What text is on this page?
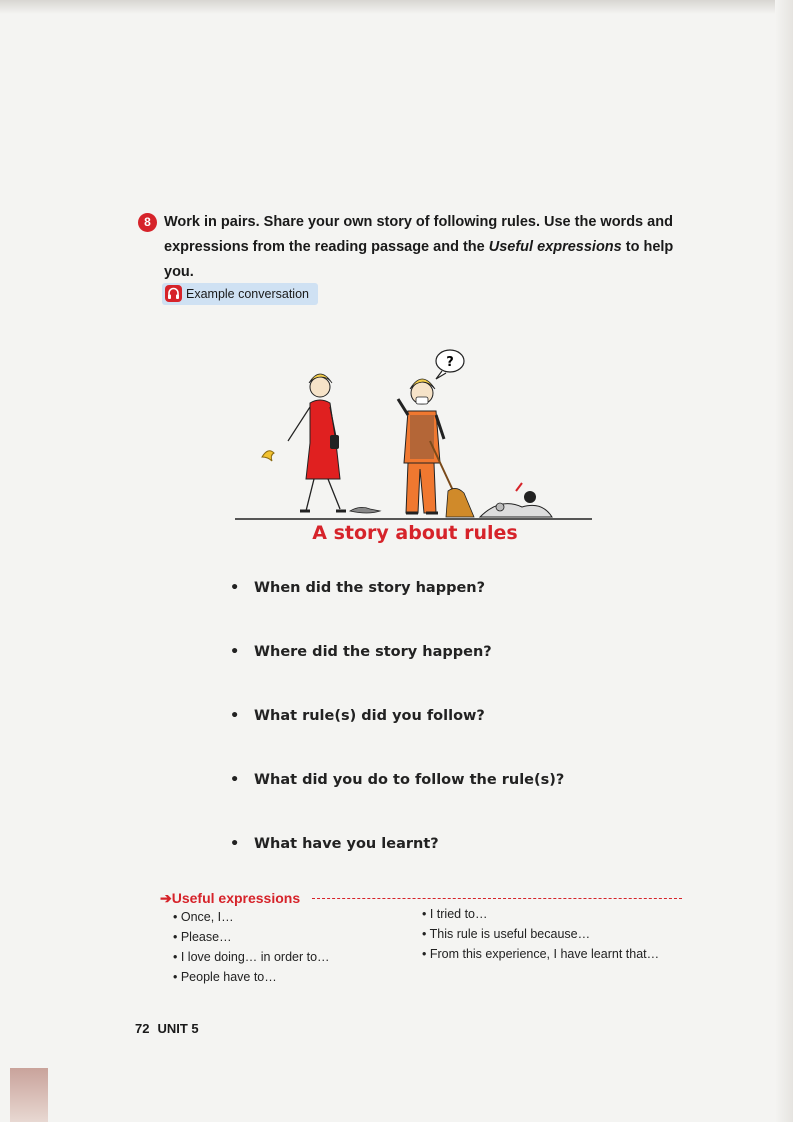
8 Work in pairs. Share your own story of following rules. Use the words and expressions from the reading passage and the Useful expressions to help you.
Example conversation
?
A story about rules
• When did the story happen?
• Where did the story happen?
• What rule(s) did you follow?
• What did you do to follow the rule(s)?
• What have you learnt?
➔Useful expressions
• Once, I…
• Please…
• I love doing… in order to…
• People have to…
• I tried to…
• This rule is useful because…
• From this experience, I have learnt that…
72 UNIT 5
